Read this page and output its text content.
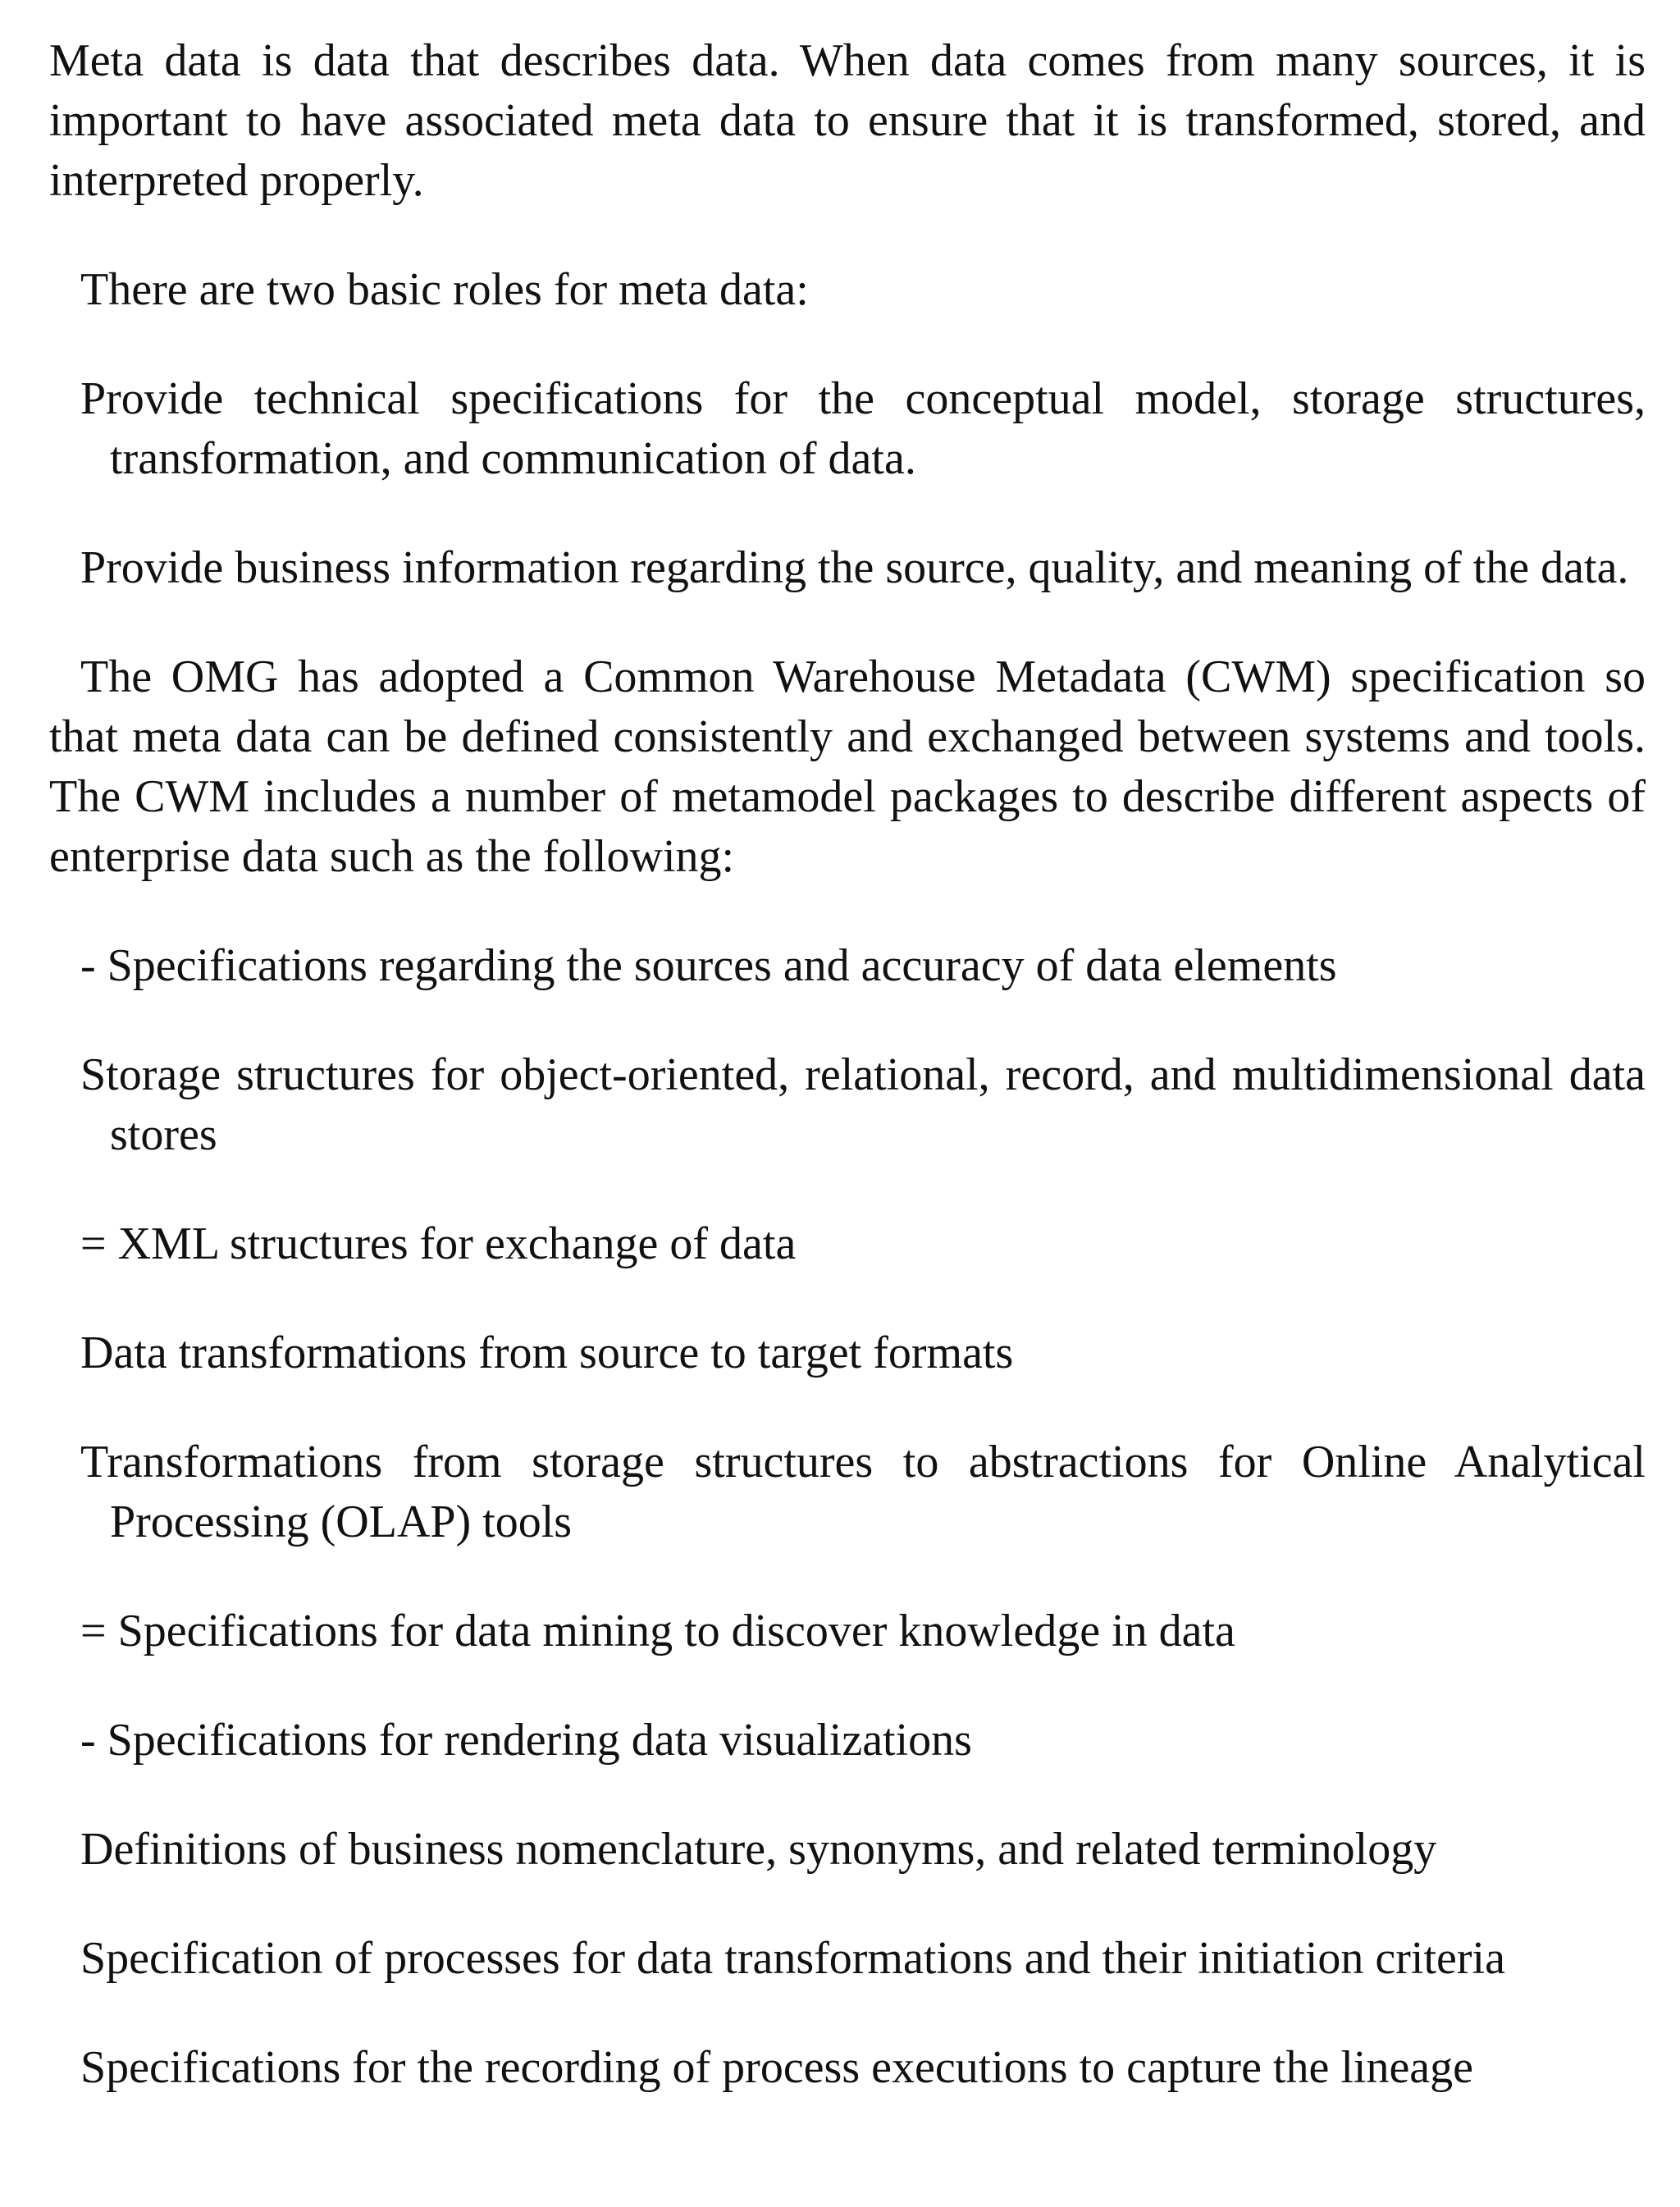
Meta data is data that describes data. When data comes from many sources, it is important to have associated meta data to ensure that it is transformed, stored, and interpreted properly.

There are two basic roles for meta data:

Provide technical specifications for the conceptual model, storage structures, transformation, and communication of data.

Provide business information regarding the source, quality, and meaning of the data.

The OMG has adopted a Common Warehouse Metadata (CWM) specification so that meta data can be defined consistently and exchanged between systems and tools. The CWM includes a number of metamodel packages to describe different aspects of enterprise data such as the following:

- Specifications regarding the sources and accuracy of data elements

Storage structures for object-oriented, relational, record, and multidimensional data stores

= XML structures for exchange of data

Data transformations from source to target formats

Transformations from storage structures to abstractions for Online Analytical Processing (OLAP) tools

= Specifications for data mining to discover knowledge in data

- Specifications for rendering data visualizations

Definitions of business nomenclature, synonyms, and related terminology

Specification of processes for data transformations and their initiation criteria

Specifications for the recording of process executions to capture the lineage
